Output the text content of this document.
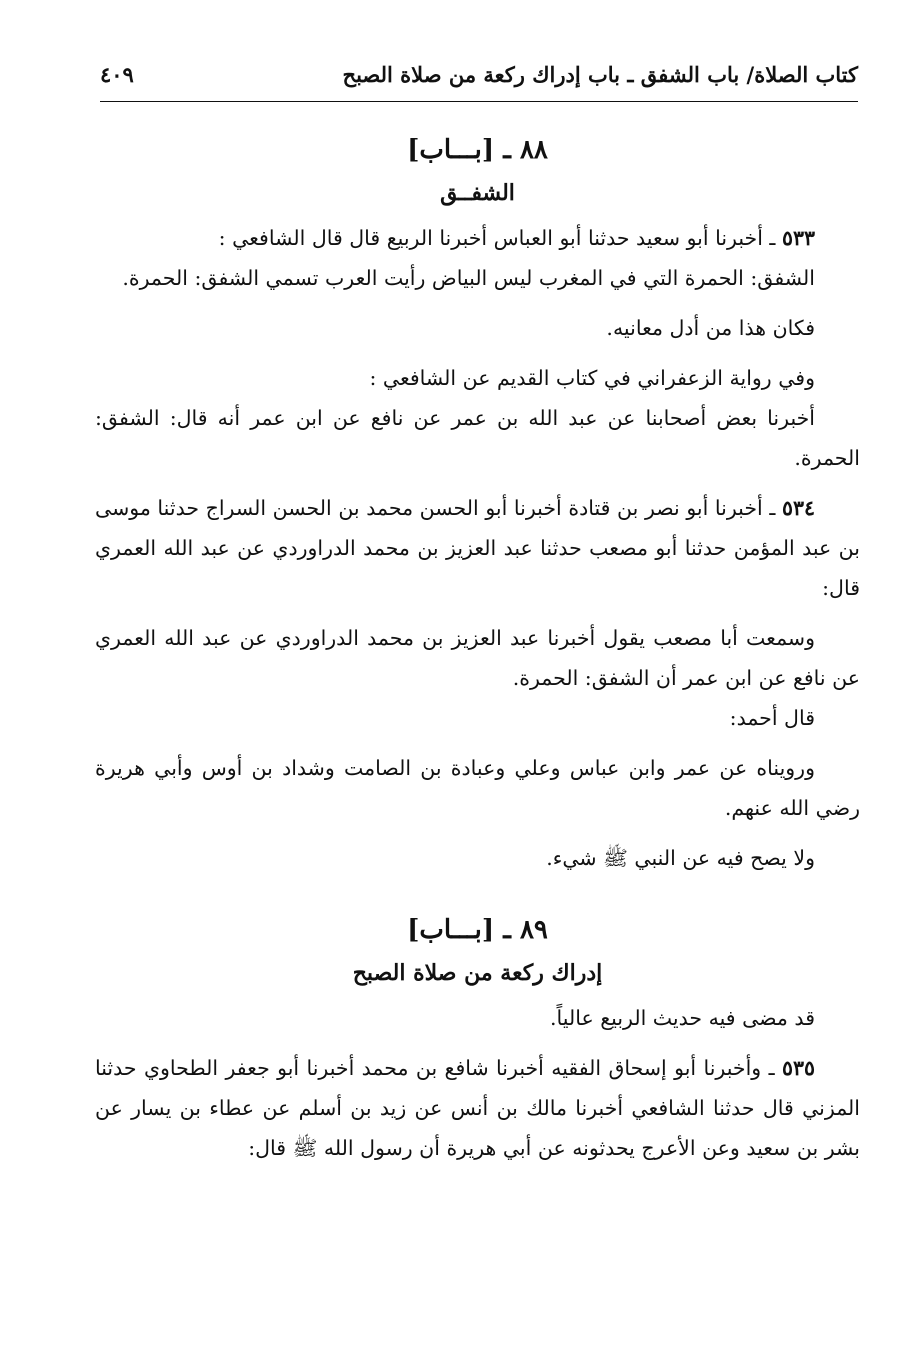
كتاب الصلاة/ باب الشفق ـ باب إدراك ركعة من صلاة الصبح
٤٠٩
٨٨ ـ [بـــاب]
الشفــق

٥٣٣ ـ أخبرنا أبو سعيد حدثنا أبو العباس أخبرنا الربيع قال قال الشافعي :

الشفق: الحمرة التي في المغرب ليس البياض رأيت العرب تسمي الشفق: الحمرة.

فكان هذا من أدل معانيه.

وفي رواية الزعفراني في كتاب القديم عن الشافعي :

أخبرنا بعض أصحابنا عن عبد الله بن عمر عن نافع عن ابن عمر أنه قال: الشفق: الحمرة.

٥٣٤ ـ أخبرنا أبو نصر بن قتادة أخبرنا أبو الحسن محمد بن الحسن السراج حدثنا موسى بن عبد المؤمن حدثنا أبو مصعب حدثنا عبد العزيز بن محمد الدراوردي عن عبد الله العمري قال:

وسمعت أبا مصعب يقول أخبرنا عبد العزيز بن محمد الدراوردي عن عبد الله العمري عن نافع عن ابن عمر أن الشفق: الحمرة.

قال أحمد:

ورويناه عن عمر وابن عباس وعلي وعبادة بن الصامت وشداد بن أوس وأبي هريرة رضي الله عنهم.

ولا يصح فيه عن النبي ﷺ شيء.

٨٩ ـ [بـــاب]
إدراك ركعة من صلاة الصبح

قد مضى فيه حديث الربيع عالياً.

٥٣٥ ـ وأخبرنا أبو إسحاق الفقيه أخبرنا شافع بن محمد أخبرنا أبو جعفر الطحاوي حدثنا المزني قال حدثنا الشافعي أخبرنا مالك بن أنس عن زيد بن أسلم عن عطاء بن يسار عن بشر بن سعيد وعن الأعرج يحدثونه عن أبي هريرة أن رسول الله ﷺ قال:
